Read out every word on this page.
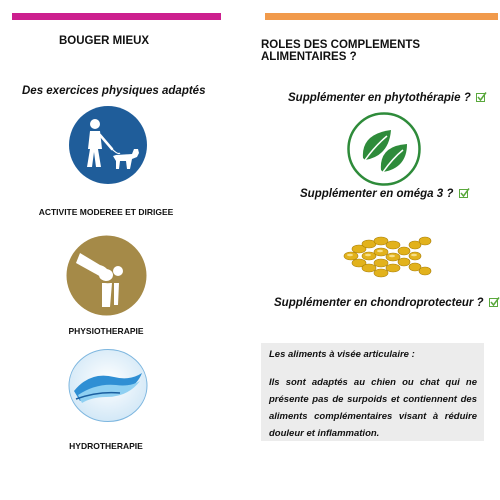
BOUGER MIEUX
Des exercices physiques adaptés
ACTIVITE MODEREE ET DIRIGEE
PHYSIOTHERAPIE
HYDROTHERAPIE
ROLES DES COMPLEMENTS ALIMENTAIRES ?
Supplémenter en phytothérapie ?
Supplémenter en oméga 3 ?
Supplémenter en chondroprotecteur ?
Les aliments à visée articulaire :
Ils sont adaptés au chien ou chat qui ne présente pas de surpoids et contiennent des aliments complémentaires visant à réduire douleur et inflammation.
